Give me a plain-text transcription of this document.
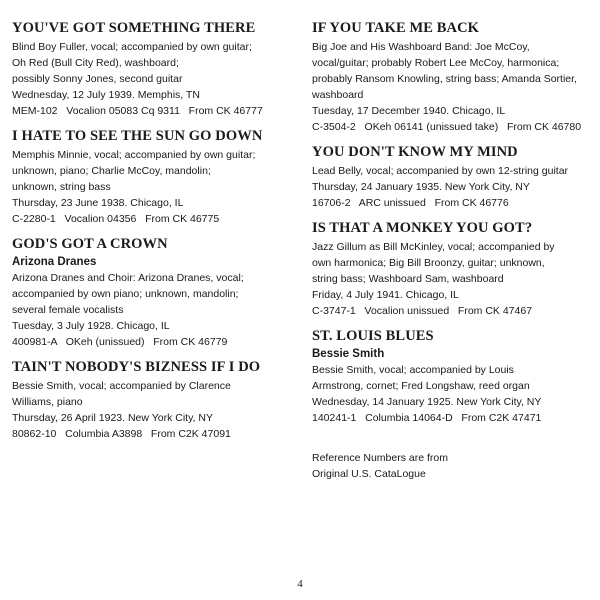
YOU'VE GOT SOMETHING THERE
Blind Boy Fuller, vocal; accompanied by own guitar;
Oh Red (Bull City Red), washboard;
possibly Sonny Jones, second guitar
Wednesday, 12 July 1939. Memphis, TN
MEM-102   Vocalion 05083 Cq 9311   From CK 46777
I HATE TO SEE THE SUN GO DOWN
Memphis Minnie, vocal; accompanied by own guitar;
unknown, piano; Charlie McCoy, mandolin;
unknown, string bass
Thursday, 23 June 1938. Chicago, IL
C-2280-1   Vocalion 04356   From CK 46775
GOD'S GOT A CROWN
Arizona Dranes
Arizona Dranes and Choir: Arizona Dranes, vocal;
accompanied by own piano; unknown, mandolin;
several female vocalists
Tuesday, 3 July 1928. Chicago, IL
400981-A   OKeh (unissued)   From CK 46779
TAIN'T NOBODY'S BIZNESS IF I DO
Bessie Smith, vocal; accompanied by Clarence
Williams, piano
Thursday, 26 April 1923. New York City, NY
80862-10   Columbia A3898   From C2K 47091
IF YOU TAKE ME BACK
Big Joe and His Washboard Band: Joe McCoy,
vocal/guitar; probably Robert Lee McCoy, harmonica;
probably Ransom Knowling, string bass; Amanda Sortier,
washboard
Tuesday, 17 December 1940. Chicago, IL
C-3504-2   OKeh 06141 (unissued take)   From CK 46780
YOU DON'T KNOW MY MIND
Lead Belly, vocal; accompanied by own 12-string guitar
Thursday, 24 January 1935. New York City, NY
16706-2   ARC unissued   From CK 46776
IS THAT A MONKEY YOU GOT?
Jazz Gillum as Bill McKinley, vocal; accompanied by
own harmonica; Big Bill Broonzy, guitar; unknown,
string bass; Washboard Sam, washboard
Friday, 4 July 1941. Chicago, IL
C-3747-1   Vocalion unissued   From CK 47467
ST. LOUIS BLUES
Bessie Smith
Bessie Smith, vocal; accompanied by Louis
Armstrong, cornet; Fred Longshaw, reed organ
Wednesday, 14 January 1925. New York City, NY
140241-1   Columbia 14064-D   From C2K 47471
Reference Numbers are from
Original U.S. CataLogue
4
